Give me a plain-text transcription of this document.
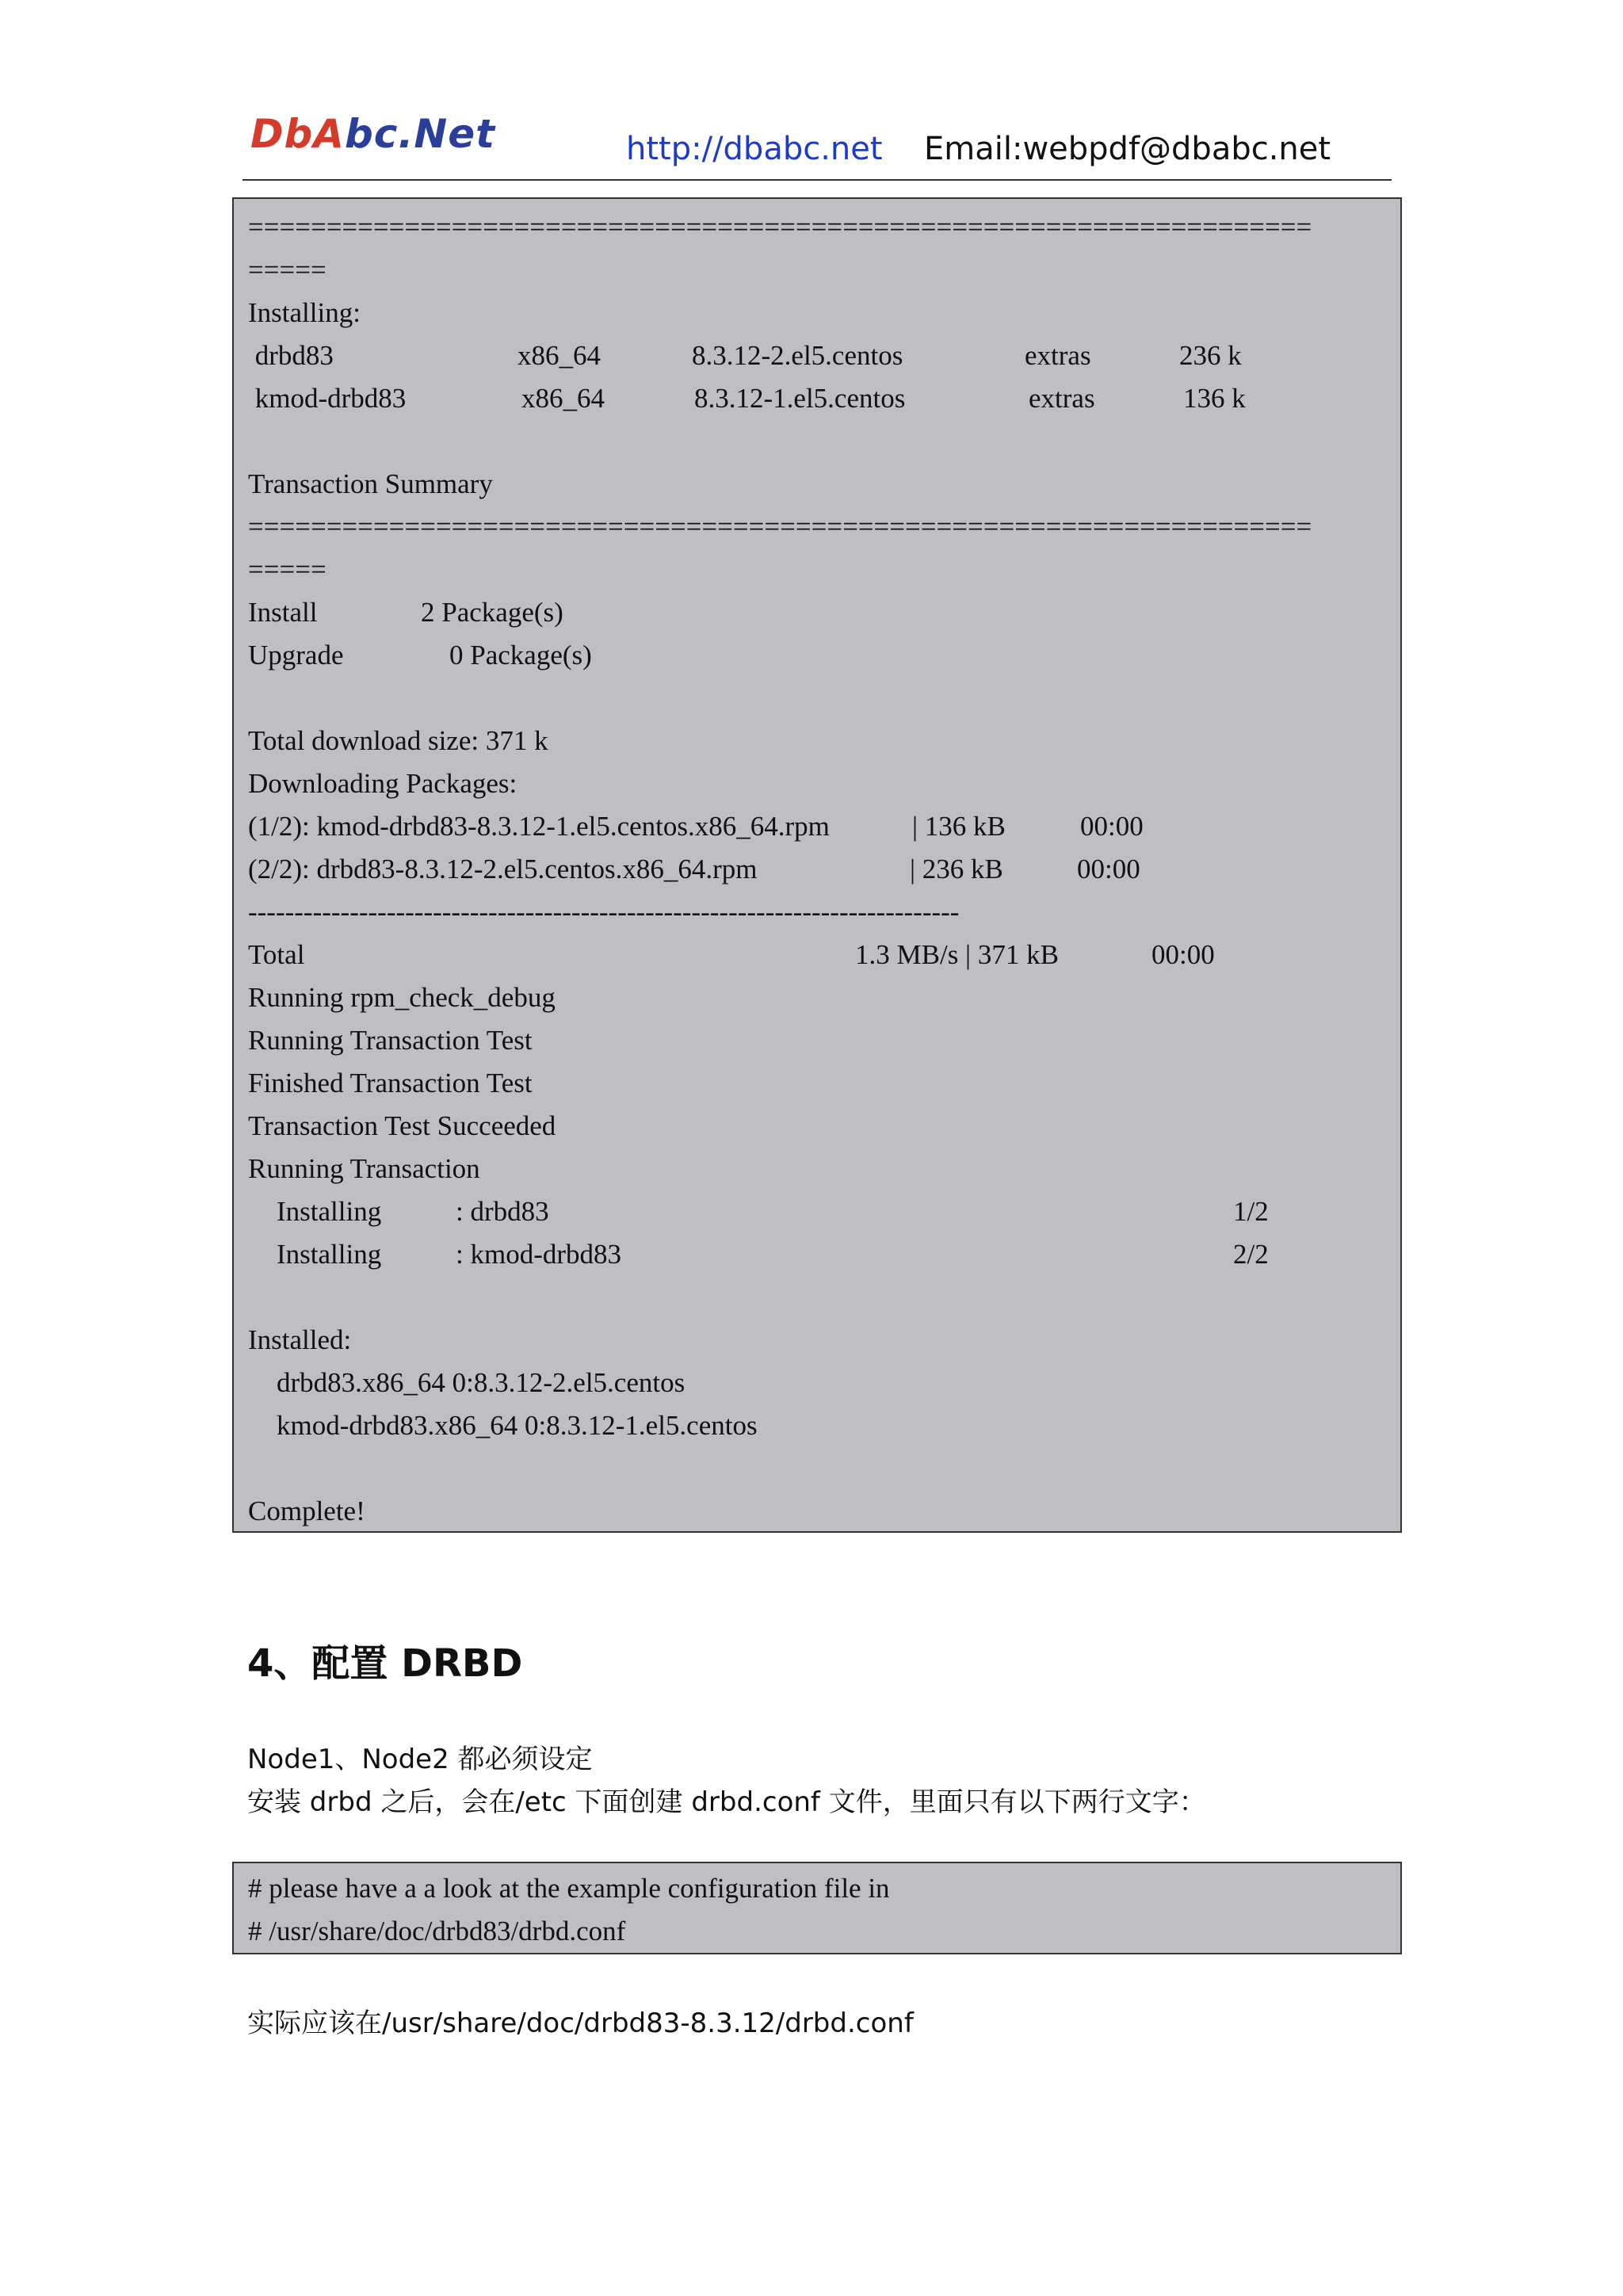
DbAbc.Net	http://dbabc.net Email:webpdf@dbabc.net
====================================================================
=====
Installing:
drbd83	x86_64	8.3.12-2.el5.centos	extras	236 k
kmod-drbd83	x86_64	8.3.12-1.el5.centos	extras	136 k
Transaction Summary
====================================================================
=====
Install	2 Package(s)
Upgrade	0 Package(s)
Total download size: 371 k
Downloading Packages:
(1/2): kmod-drbd83-8.3.12-1.el5.centos.x86_64.rpm	| 136 kB	00:00
(2/2): drbd83-8.3.12-2.el5.centos.x86_64.rpm	| 236 kB	00:00
-----------------------------------------------------------------------------
Total	1.3 MB/s | 371 kB	00:00
Running rpm_check_debug
Running Transaction Test
Finished Transaction Test
Transaction Test Succeeded
Running Transaction
Installing	: drbd83	1/2
Installing	: kmod-drbd83	2/2
Installed:
drbd83.x86_64 0:8.3.12-2.el5.centos
kmod-drbd83.x86_64 0:8.3.12-1.el5.centos
Complete!
4、配置 DRBD
Node1、Node2 都必须设定
安装 drbd 之后，会在/etc 下面创建 drbd.conf 文件，里面只有以下两行文字：
# please have a a look at the example configuration file in
# /usr/share/doc/drbd83/drbd.conf
实际应该在/usr/share/doc/drbd83-8.3.12/drbd.conf
